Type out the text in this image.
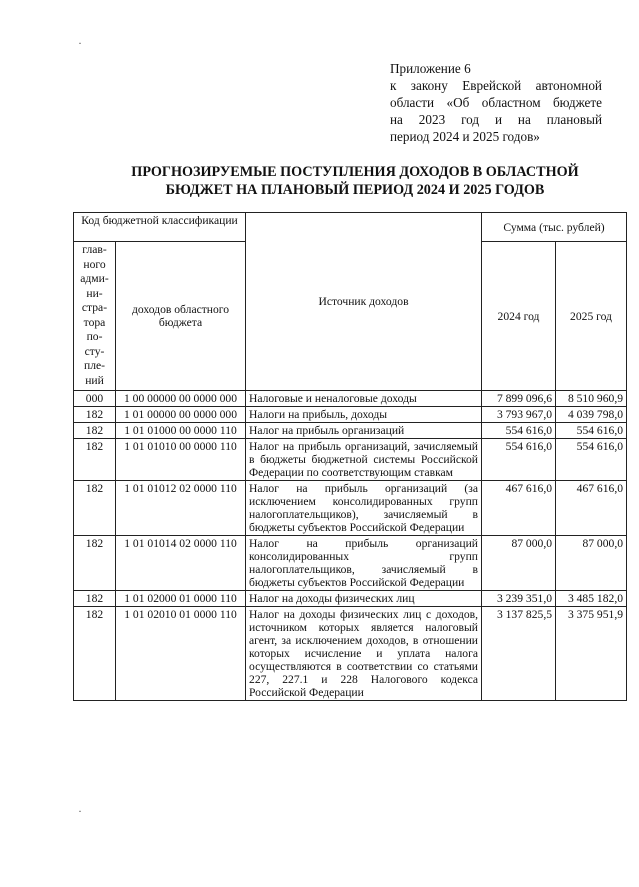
Приложение 6
к закону Еврейской автономной
области «Об областном бюджете
на 2023 год и на плановый
период 2024 и 2025 годов»
ПРОГНОЗИРУЕМЫЕ ПОСТУПЛЕНИЯ ДОХОДОВ В ОБЛАСТНОЙ
БЮДЖЕТ НА ПЛАНОВЫЙ ПЕРИОД 2024 И 2025 ГОДОВ
Код бюджетной классификации		Источник доходов	Сумма (тыс. рублей)	
глав-ного адми-ни-стра-тора по-сту-пле-ний	доходов областного бюджета		2024 год	2025 год
000	1 00 00000 00 0000 000	Налоговые и неналоговые доходы	7 899 096,6	8 510 960,9
182	1 01 00000 00 0000 000	Налоги на прибыль, доходы	3 793 967,0	4 039 798,0
182	1 01 01000 00 0000 110	Налог на прибыль организаций	554 616,0	554 616,0
182	1 01 01010 00 0000 110	Налог на прибыль организаций, зачисляемый в бюджеты бюджетной системы Российской Федерации по соответствующим ставкам	554 616,0	554 616,0
182	1 01 01012 02 0000 110	Налог на прибыль организаций (за исключением консолидированных групп налогоплательщиков), зачисляемый в бюджеты субъектов Российской Федерации	467 616,0	467 616,0
182	1 01 01014 02 0000 110	Налог на прибыль организаций консолидированных групп налогоплательщиков, зачисляемый в бюджеты субъектов Российской Федерации	87 000,0	87 000,0
182	1 01 02000 01 0000 110	Налог на доходы физических лиц	3 239 351,0	3 485 182,0
182	1 01 02010 01 0000 110	Налог на доходы физических лиц с доходов, источником которых является налоговый агент, за исключением доходов, в отношении которых исчисление и уплата налога осуществляются в соответствии со статьями 227, 227.1 и 228 Налогового кодекса Российской Федерации	3 137 825,5	3 375 951,9
·
·
